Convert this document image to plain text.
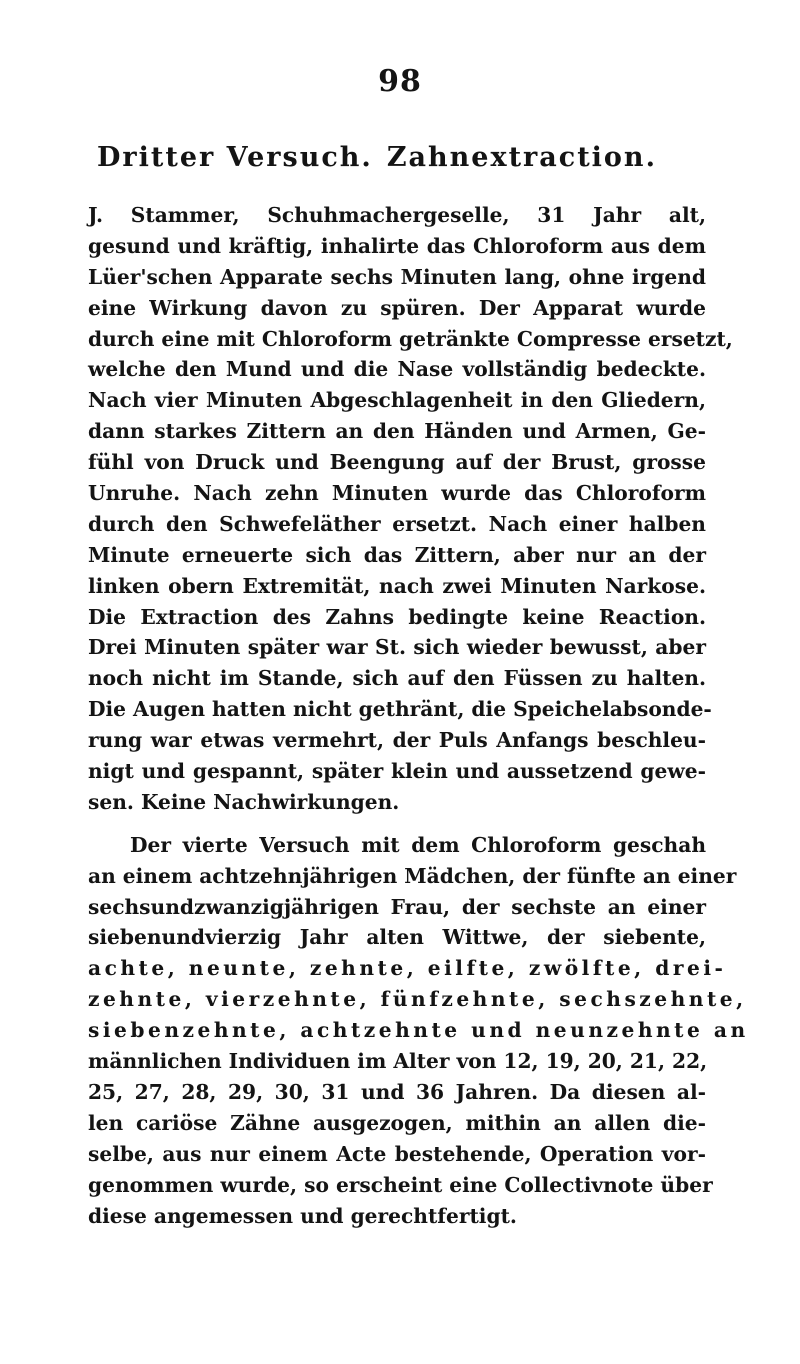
98
Dritter Versuch. Zahnextraction.
J. Stammer, Schuhmachergeselle, 31 Jahr alt,
gesund und kräftig, inhalirte das Chloroform aus dem
Lüer'schen Apparate sechs Minuten lang, ohne irgend
eine Wirkung davon zu spüren. Der Apparat wurde
durch eine mit Chloroform getränkte Compresse ersetzt,
welche den Mund und die Nase vollständig bedeckte.
Nach vier Minuten Abgeschlagenheit in den Gliedern,
dann starkes Zittern an den Händen und Armen, Ge-
fühl von Druck und Beengung auf der Brust, grosse
Unruhe. Nach zehn Minuten wurde das Chloroform
durch den Schwefeläther ersetzt. Nach einer halben
Minute erneuerte sich das Zittern, aber nur an der
linken obern Extremität, nach zwei Minuten Narkose.
Die Extraction des Zahns bedingte keine Reaction.
Drei Minuten später war St. sich wieder bewusst, aber
noch nicht im Stande, sich auf den Füssen zu halten.
Die Augen hatten nicht gethränt, die Speichelabsonde-
rung war etwas vermehrt, der Puls Anfangs beschleu-
nigt und gespannt, später klein und aussetzend gewe-
sen. Keine Nachwirkungen.
Der vierte Versuch mit dem Chloroform geschah
an einem achtzehnjährigen Mädchen, der fünfte an einer
sechsundzwanzigjährigen Frau, der sechste an einer
siebenundvierzig Jahr alten Wittwe, der siebente,
achte, neunte, zehnte, eilfte, zwölfte, drei-
zehnte, vierzehnte, fünfzehnte, sechszehnte,
siebenzehnte, achtzehnte und neunzehnte an
männlichen Individuen im Alter von 12, 19, 20, 21, 22,
25, 27, 28, 29, 30, 31 und 36 Jahren. Da diesen al-
len cariöse Zähne ausgezogen, mithin an allen die-
selbe, aus nur einem Acte bestehende, Operation vor-
genommen wurde, so erscheint eine Collectivnote über
diese angemessen und gerechtfertigt.
